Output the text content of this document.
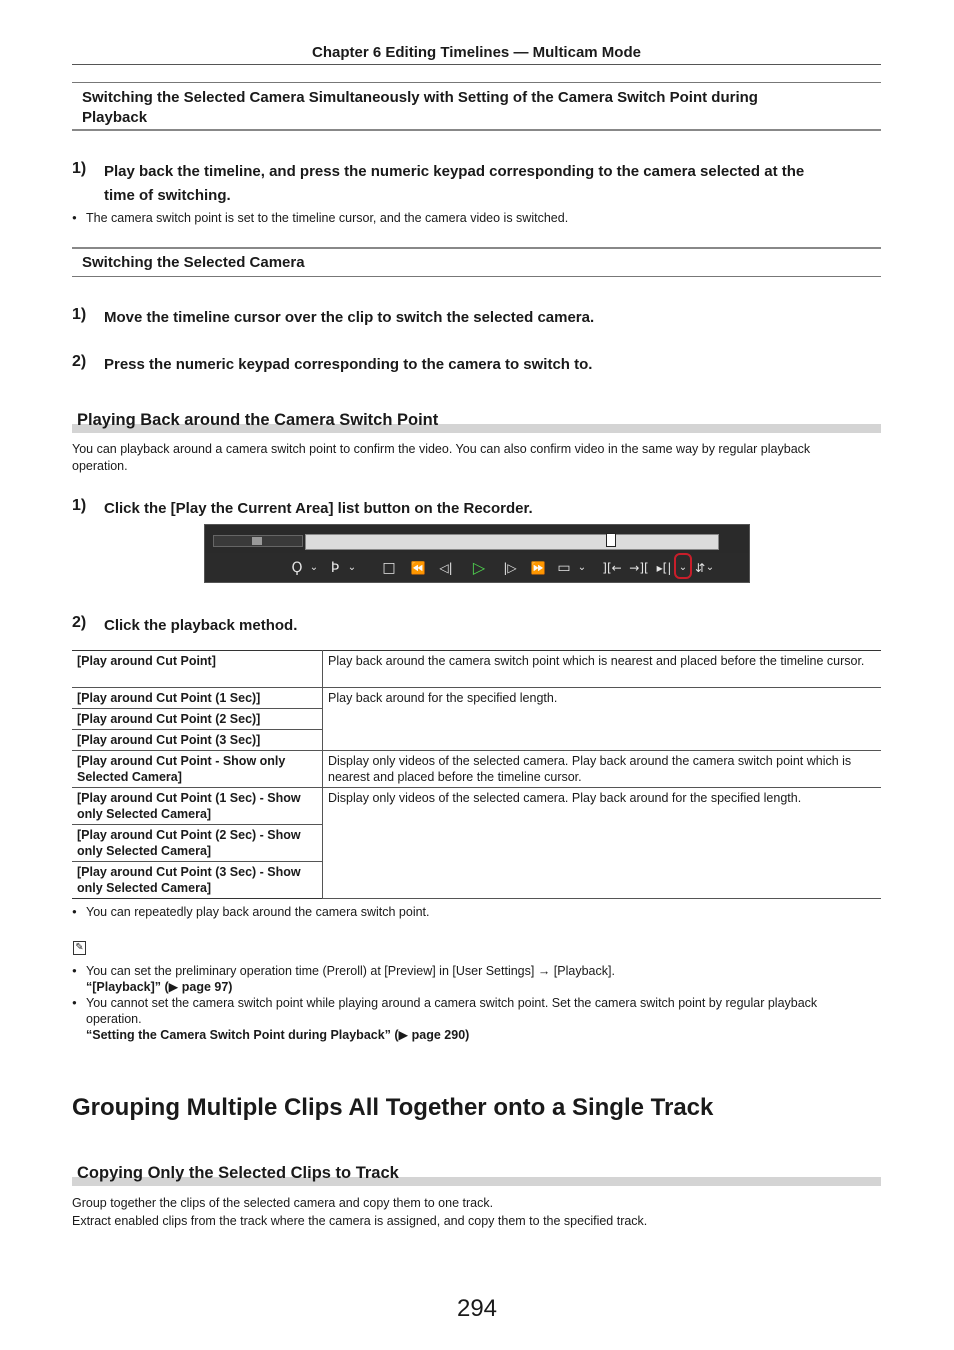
Chapter 6 Editing Timelines — Multicam Mode
Switching the Selected Camera Simultaneously with Setting of the Camera Switch Point during
Playback
1) Play back the timeline, and press the numeric keypad corresponding to the camera selected at the
time of switching.
● The camera switch point is set to the timeline cursor, and the camera video is switched.
Switching the Selected Camera
1) Move the timeline cursor over the clip to switch the selected camera.
2) Press the numeric keypad corresponding to the camera to switch to.
Playing Back around the Camera Switch Point
You can playback around a camera switch point to confirm the video. You can also confirm video in the same way by regular playback
operation.
1) Click the [Play the Current Area] list button on the Recorder.
Ϙ ⌄ Ϸ ⌄ □ ⏪	◁| ▷	|▷	⏩ ▭ ⌄ ][← →][ ▸[| ⌄ ⇵ ⌄
2) Click the playback method.
[Play around Cut Point]	Play back around the camera switch point which is nearest and placed before the timeline cursor.
[Play around Cut Point (1 Sec)]	Play back around for the specified length.
[Play around Cut Point (2 Sec)]	
[Play around Cut Point (3 Sec)]	
[Play around Cut Point - Show only Selected Camera]	Display only videos of the selected camera. Play back around the camera switch point which is nearest and placed before the timeline cursor.
[Play around Cut Point (1 Sec) - Show only Selected Camera]	Display only videos of the selected camera. Play back around for the specified length.
[Play around Cut Point (2 Sec) - Show only Selected Camera]	
[Play around Cut Point (3 Sec) - Show only Selected Camera]	
● You can repeatedly play back around the camera switch point.
✎
● You can set the preliminary operation time (Preroll) at [Preview] in [User Settings] → [Playback].
“[Playback]” (▶ page 97)
● You cannot set the camera switch point while playing around a camera switch point. Set the camera switch point by regular playback
operation.
“Setting the Camera Switch Point during Playback” (▶ page 290)
Grouping Multiple Clips All Together onto a Single Track
Copying Only the Selected Clips to Track
Group together the clips of the selected camera and copy them to one track.
Extract enabled clips from the track where the camera is assigned, and copy them to the specified track.
294
